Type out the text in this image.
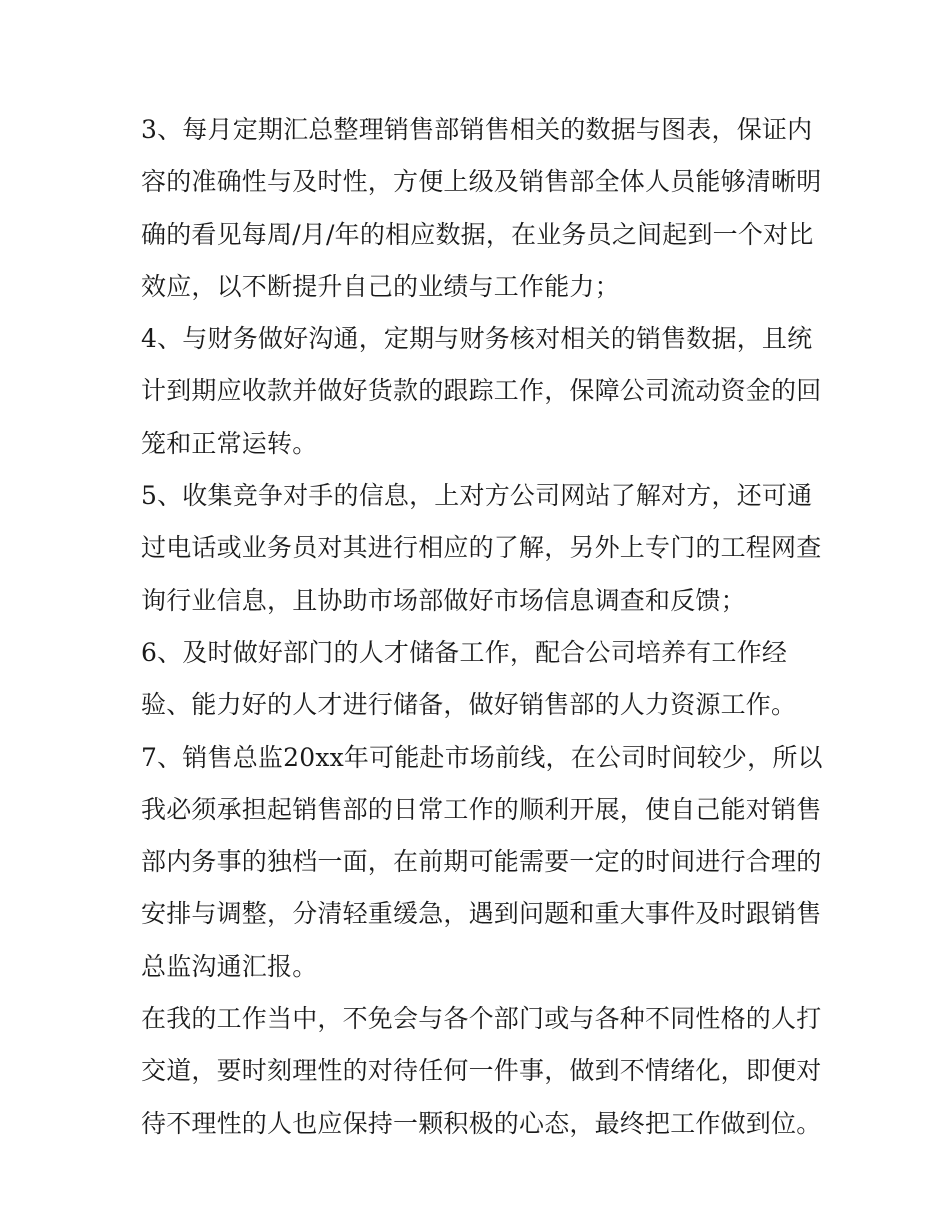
3、每月定期汇总整理销售部销售相关的数据与图表，保证内
容的准确性与及时性，方便上级及销售部全体人员能够清晰明
确的看见每周/月/年的相应数据，在业务员之间起到一个对比
效应，以不断提升自己的业绩与工作能力；
4、与财务做好沟通，定期与财务核对相关的销售数据，且统
计到期应收款并做好货款的跟踪工作，保障公司流动资金的回
笼和正常运转。
5、收集竞争对手的信息，上对方公司网站了解对方，还可通
过电话或业务员对其进行相应的了解，另外上专门的工程网查
询行业信息，且协助市场部做好市场信息调查和反馈；
6、及时做好部门的人才储备工作，配合公司培养有工作经
验、能力好的人才进行储备，做好销售部的人力资源工作。
7、销售总监20xx年可能赴市场前线，在公司时间较少，所以
我必须承担起销售部的日常工作的顺利开展，使自己能对销售
部内务事的独档一面，在前期可能需要一定的时间进行合理的
安排与调整，分清轻重缓急，遇到问题和重大事件及时跟销售
总监沟通汇报。
在我的工作当中，不免会与各个部门或与各种不同性格的人打
交道，要时刻理性的对待任何一件事，做到不情绪化，即便对
待不理性的人也应保持一颗积极的心态，最终把工作做到位。
